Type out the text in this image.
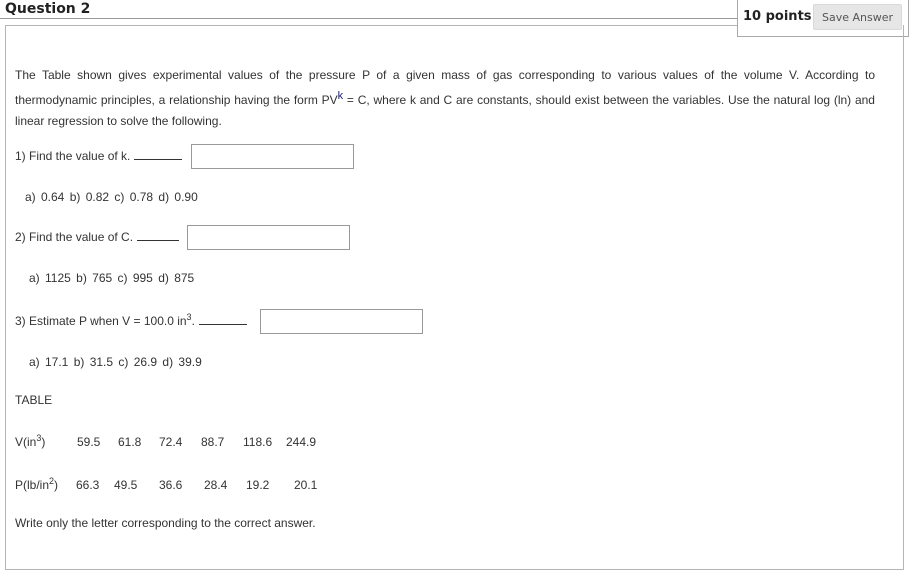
Question 2	10 points Save Answer
The Table shown gives experimental values of the pressure P of a given mass of gas corresponding to various values of the volume V. According to thermodynamic principles, a relationship having the form $PV^k = C$, where k and C are constants, should exist between the variables. Use the natural log (ln) and linear regression to solve the following.
1) Find the value of k.
a) 0.64 b) 0.82 c) 0.78 d) 0.90
2) Find the value of C.
a) 1125 b) 765 c) 995 d) 875
3) Estimate P when V = 100.0 $in^3$.
a) 17.1 b) 31.5 c) 26.9 d) 39.9
TABLE
$V(in^3)$	59.5 61.8 72.4 88.7 118.6 244.9
$P(lb/in^2)$ 66.3 49.5 36.6 28.4 19.2 20.1
Write only the letter corresponding to the correct answer.
